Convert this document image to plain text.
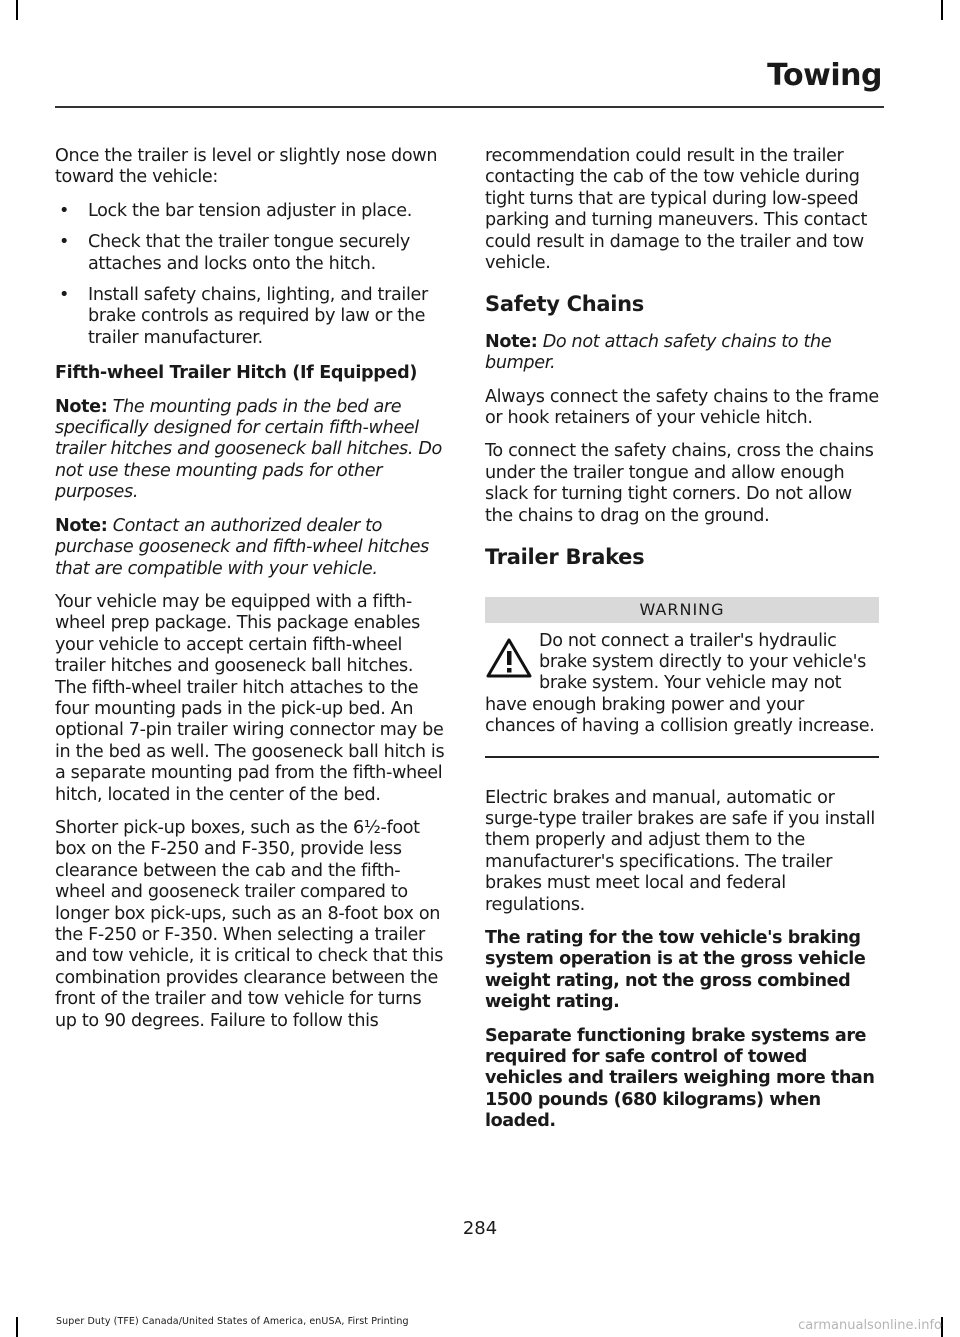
Towing

Once the trailer is level or slightly nose down toward the vehicle:

• Lock the bar tension adjuster in place.
• Check that the trailer tongue securely attaches and locks onto the hitch.
• Install safety chains, lighting, and trailer brake controls as required by law or the trailer manufacturer.

Fifth-wheel Trailer Hitch (If Equipped)

Note: The mounting pads in the bed are specifically designed for certain fifth-wheel trailer hitches and gooseneck ball hitches. Do not use these mounting pads for other purposes.

Note: Contact an authorized dealer to purchase gooseneck and fifth-wheel hitches that are compatible with your vehicle.

Your vehicle may be equipped with a fifth-wheel prep package. This package enables your vehicle to accept certain fifth-wheel trailer hitches and gooseneck ball hitches. The fifth-wheel trailer hitch attaches to the four mounting pads in the pick-up bed. An optional 7-pin trailer wiring connector may be in the bed as well. The gooseneck ball hitch is a separate mounting pad from the fifth-wheel hitch, located in the center of the bed.

Shorter pick-up boxes, such as the 6½-foot box on the F-250 and F-350, provide less clearance between the cab and the fifth-wheel and gooseneck trailer compared to longer box pick-ups, such as an 8-foot box on the F-250 or F-350. When selecting a trailer and tow vehicle, it is critical to check that this combination provides clearance between the front of the trailer and tow vehicle for turns up to 90 degrees. Failure to follow this

recommendation could result in the trailer contacting the cab of the tow vehicle during tight turns that are typical during low-speed parking and turning maneuvers. This contact could result in damage to the trailer and tow vehicle.

Safety Chains

Note: Do not attach safety chains to the bumper.

Always connect the safety chains to the frame or hook retainers of your vehicle hitch.

To connect the safety chains, cross the chains under the trailer tongue and allow enough slack for turning tight corners. Do not allow the chains to drag on the ground.

Trailer Brakes

WARNING
Do not connect a trailer's hydraulic brake system directly to your vehicle's brake system. Your vehicle may not have enough braking power and your chances of having a collision greatly increase.

Electric brakes and manual, automatic or surge-type trailer brakes are safe if you install them properly and adjust them to the manufacturer's specifications. The trailer brakes must meet local and federal regulations.

The rating for the tow vehicle's braking system operation is at the gross vehicle weight rating, not the gross combined weight rating.

Separate functioning brake systems are required for safe control of towed vehicles and trailers weighing more than 1500 pounds (680 kilograms) when loaded.

284
Super Duty (TFE) Canada/United States of America, enUSA, First Printing	carmanualsonline.info
